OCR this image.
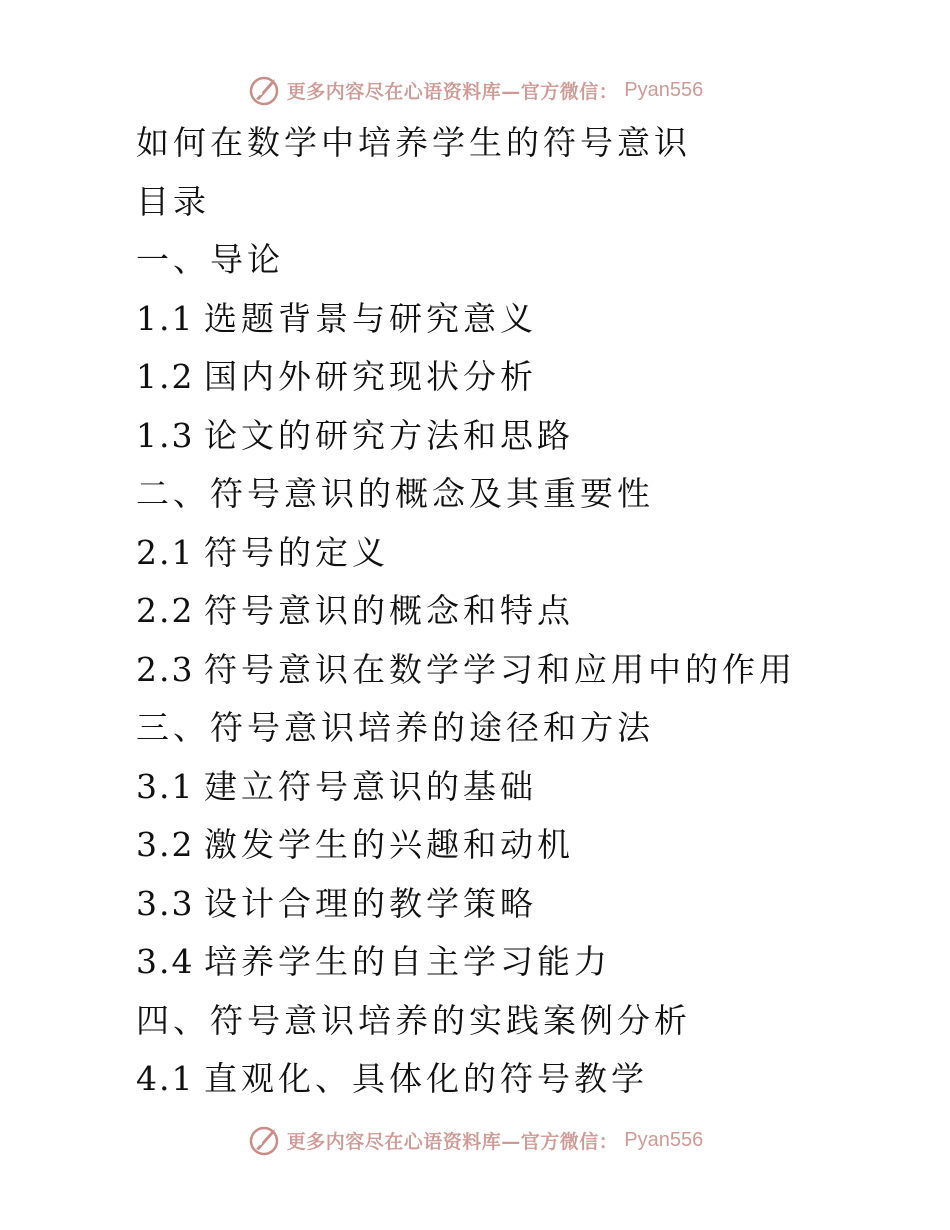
更多内容尽在心语资料库—官方微信： Pyan556
如何在数学中培养学生的符号意识
目录
一、导论
1.1 选题背景与研究意义
1.2 国内外研究现状分析
1.3 论文的研究方法和思路
二、符号意识的概念及其重要性
2.1 符号的定义
2.2 符号意识的概念和特点
2.3 符号意识在数学学习和应用中的作用
三、符号意识培养的途径和方法
3.1 建立符号意识的基础
3.2 激发学生的兴趣和动机
3.3 设计合理的教学策略
3.4 培养学生的自主学习能力
四、符号意识培养的实践案例分析
4.1 直观化、具体化的符号教学
更多内容尽在心语资料库—官方微信： Pyan556
